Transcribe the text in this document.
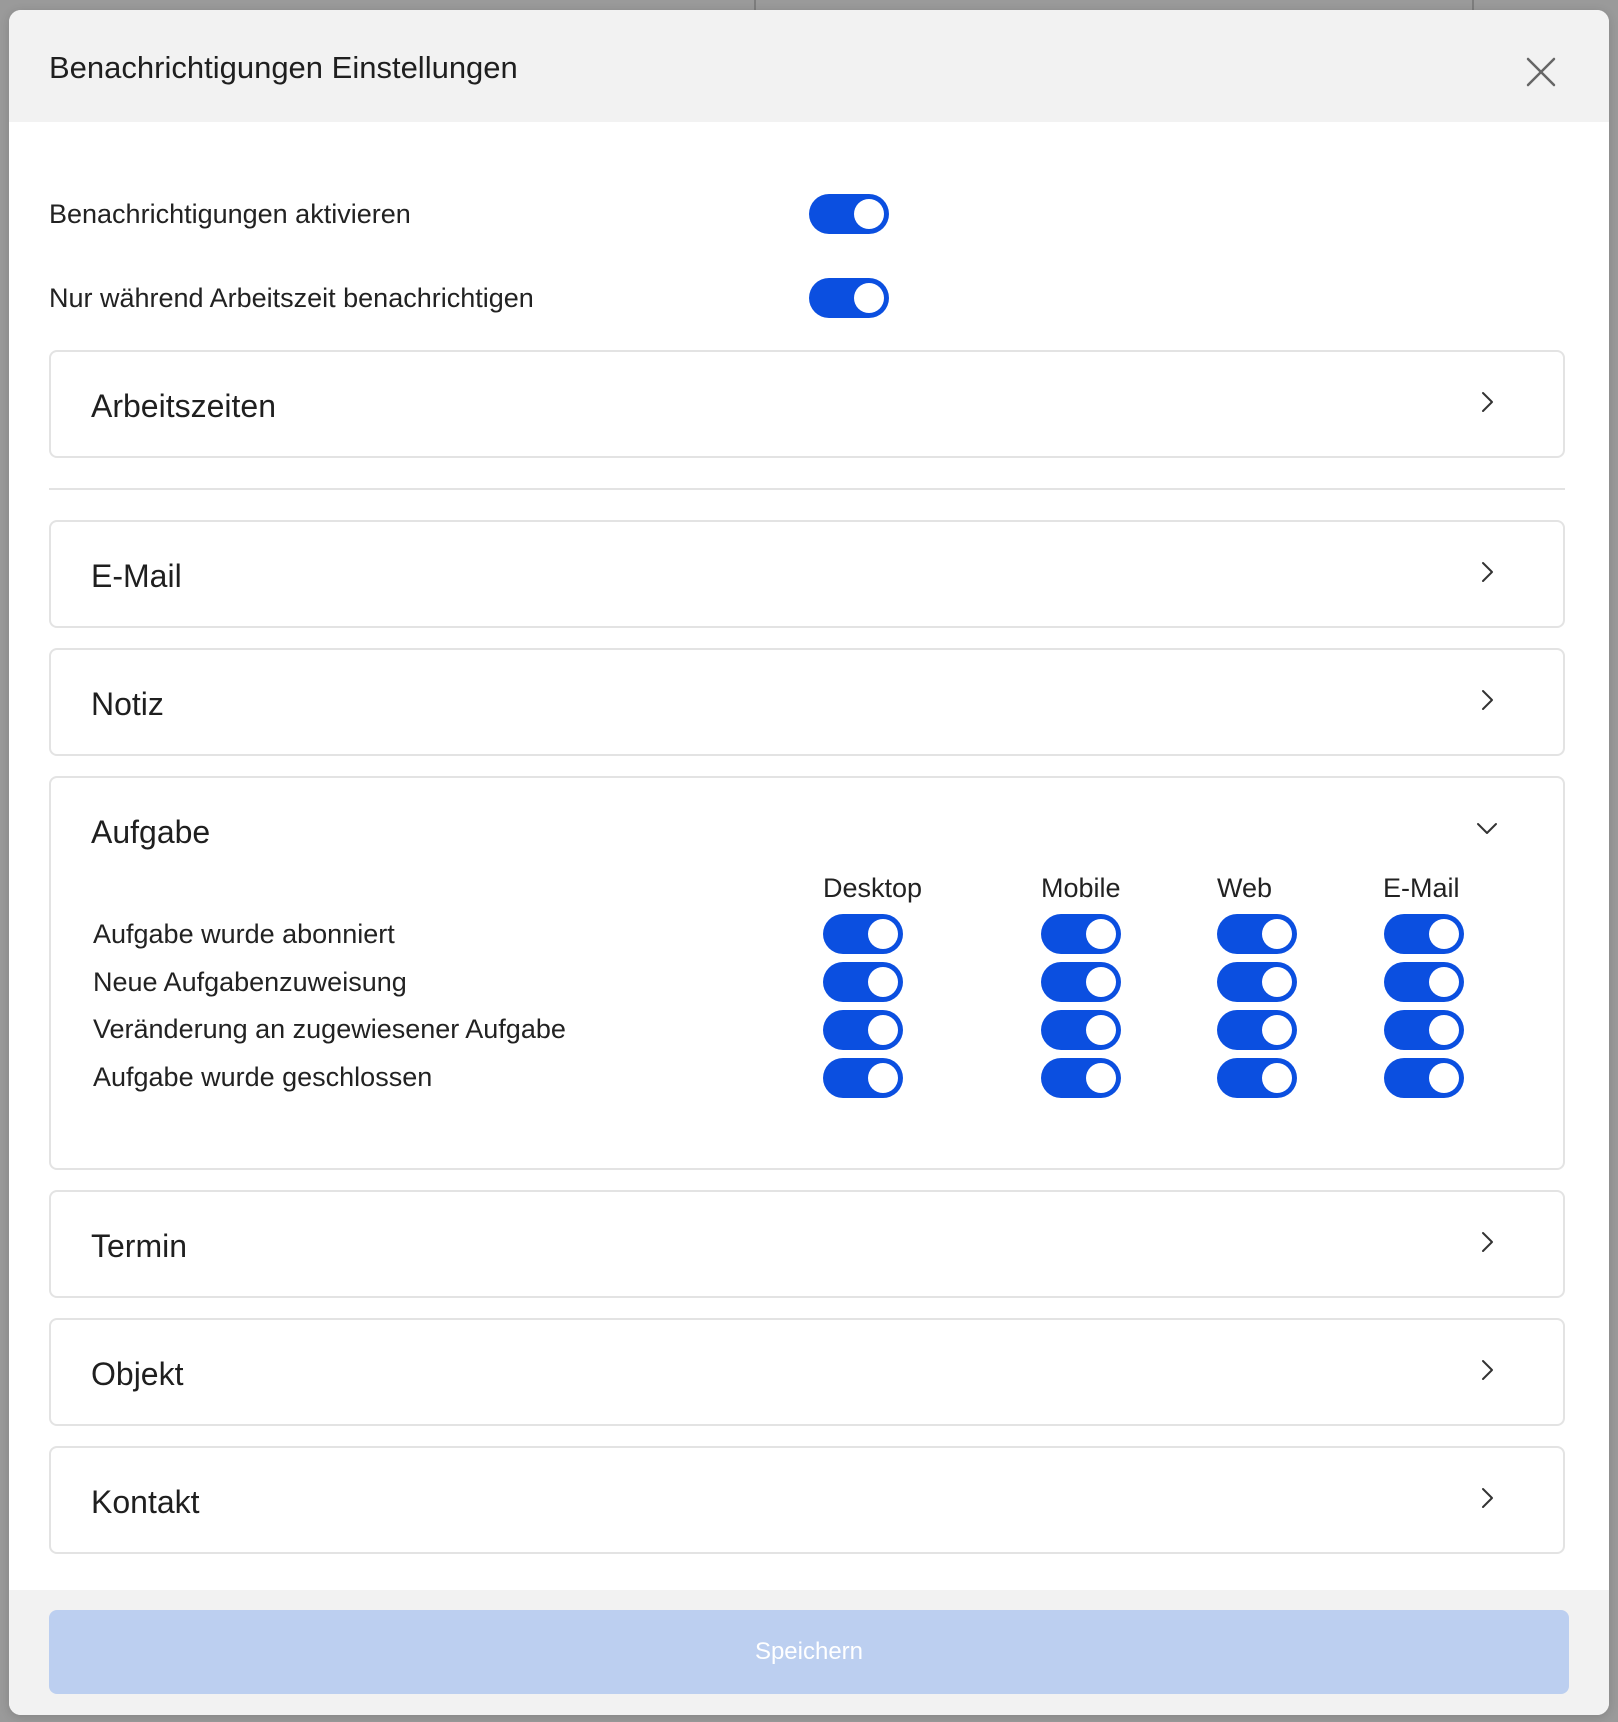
Benachrichtigungen Einstellungen
Benachrichtigungen aktivieren
Nur während Arbeitszeit benachrichtigen
Arbeitszeiten
E-Mail
Notiz
Aufgabe
Desktop	Mobile	Web	E-Mail
Aufgabe wurde abonniert
Neue Aufgabenzuweisung
Veränderung an zugewiesener Aufgabe
Aufgabe wurde geschlossen
Termin
Objekt
Kontakt
Speichern
